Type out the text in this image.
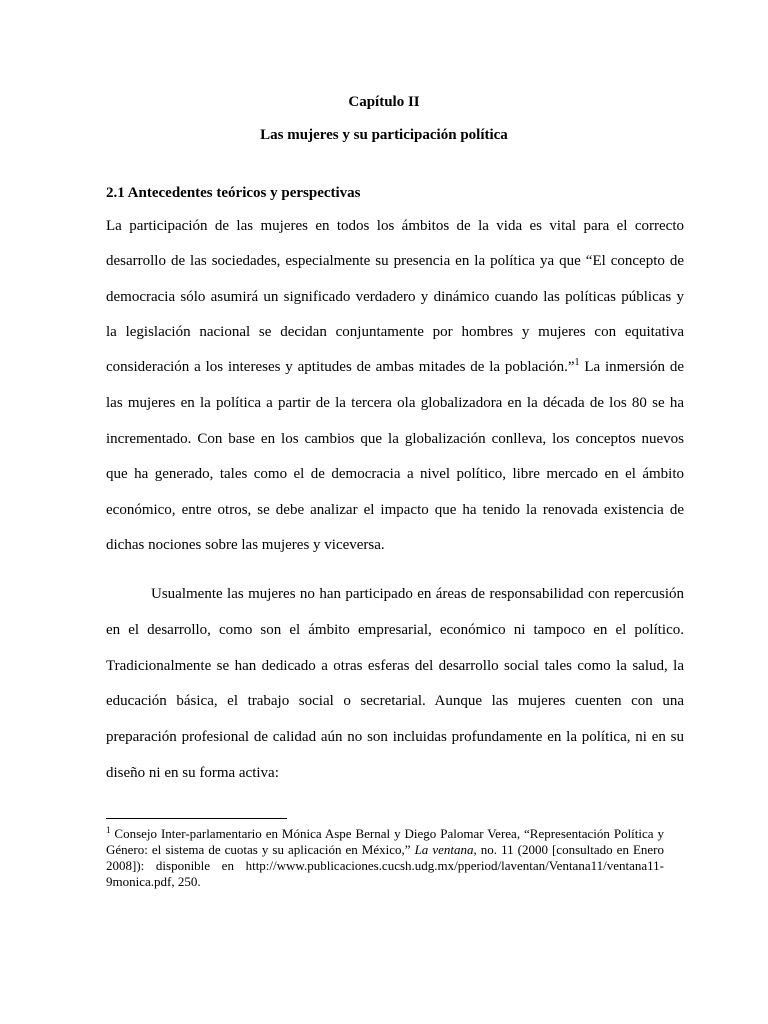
Capítulo II
Las mujeres y su participación política
2.1 Antecedentes teóricos y perspectivas
La participación de las mujeres en todos los ámbitos de la vida es vital para el correcto
desarrollo de las sociedades, especialmente su presencia en la política ya que “El concepto de
democracia sólo asumirá un significado verdadero y dinámico cuando las políticas públicas y
la legislación nacional se decidan conjuntamente por hombres y mujeres con equitativa
consideración a los intereses y aptitudes de ambas mitades de la población.”$^1$ La inmersión de
las mujeres en la política a partir de la tercera ola globalizadora en la década de los 80 se ha
incrementado. Con base en los cambios que la globalización conlleva, los conceptos nuevos
que ha generado, tales como el de democracia a nivel político, libre mercado en el ámbito
económico, entre otros, se debe analizar el impacto que ha tenido la renovada existencia de
dichas nociones sobre las mujeres y viceversa.
Usualmente las mujeres no han participado en áreas de responsabilidad con repercusión
en el desarrollo, como son el ámbito empresarial, económico ni tampoco en el político.
Tradicionalmente se han dedicado a otras esferas del desarrollo social tales como la salud, la
educación básica, el trabajo social o secretarial. Aunque las mujeres cuenten con una
preparación profesional de calidad aún no son incluidas profundamente en la política, ni en su
diseño ni en su forma activa:
$^1$ Consejo Inter-parlamentario en Mónica Aspe Bernal y Diego Palomar Verea, “Representación Política y
Género: el sistema de cuotas y su aplicación en México,” La ventana, no. 11 (2000 [consultado en Enero
2008]): disponible en http://www.publicaciones.cucsh.udg.mx/pperiod/laventan/Ventana11/ventana11-
9monica.pdf, 250.
